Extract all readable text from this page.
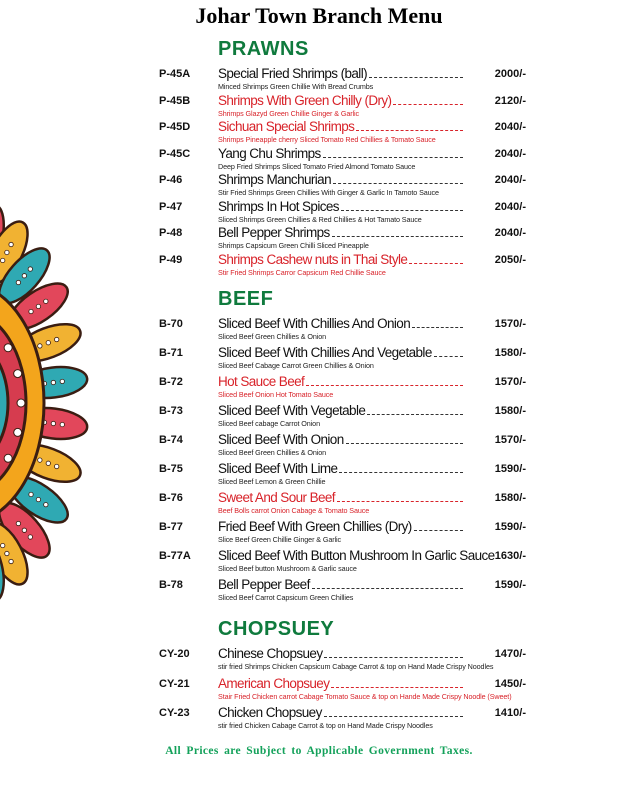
Johar Town Branch Menu
PRAWNS
P-45A Special Fried Shrimps (ball)
Minced Shrimps Green Chillie With Bread Crumbs
2000/-
P-45B Shrimps With Green Chilly (Dry)
Shrimps Glazyd Green Chillie Ginger & Garlic
2120/-
P-45D Sichuan Special Shrimps
Shrimps Pineapple cherry Sliced Tomato Red Chillies & Tomato Sauce
2040/-
P-45C Yang Chu Shrimps
Deep Fried Shrimps Sliced Tomato Fried Almond Tomato Sauce
2040/-
P-46	Shrimps Manchurian
Stir Fried Shrimps Green Chillies With Ginger & Garlic In Tamoto Sauce
2040/-
P-47	Shrimps In Hot Spices
Sliced Shrimps Green Chillies & Red Chillies & Hot Tamato Sauce
2040/-
P-48	Bell Pepper Shrimps
Shrimps Capsicum Green Chilli Sliced Pineapple
2040/-
P-49	Shrimps Cashew nuts in Thai Style
Stir Fried Shrimps Carror Capsicum Red Chillie Sauce
2050/-
BEEF
B-70	Sliced Beef With Chillies And Onion
Sliced Beef Green Chillies & Onion
1570/-
B-71	Sliced Beef With Chillies And Vegetable
Sliced Beef Cabage Carrot Green Chillies & Onion
1580/-
B-72	Hot Sauce Beef
Sliced Beef Onion Hot Tomato Sauce
1570/-
B-73	Sliced Beef With Vegetable
Sliced Beef cabage Carrot Onion
1580/-
B-74	Sliced Beef With Onion
Sliced Beef Green Chillies & Onion
1570/-
B-75	Sliced Beef With Lime
Sliced Beef Lemon & Green Chillie
1590/-
B-76	Sweet And Sour Beef
Beef Bolls carrot Onion Cabage & Tomato Sauce
1580/-
B-77	Fried Beef With Green Chillies (Dry)
Slice Beef Green Chillie Ginger & Garlic
1590/-
B-77A Sliced Beef With Button Mushroom In Garlic Sauce
Sliced Beef button Mushroom & Garlic sauce
1630/-
B-78	Bell Pepper Beef
Sliced Beef Carrot Capsicum Green Chillies
1590/-
CHOPSUEY
CY-20 Chinese Chopsuey
stir fried Shrimps Chicken Capsicum Cabage Carrot & top on Hand Made Crispy Noodles
1470/-
CY-21 American Chopsuey
Stair Fried Chicken carrot Cabage Tomato Sauce & top on Hande Made Crispy Noodle (Sweet)
1450/-
CY-23 Chicken Chopsuey
stir fried Chicken Cabage Carrot & top on Hand Made Crispy Noodles
1410/-
All Prices are Subject to Applicable Government Taxes.
